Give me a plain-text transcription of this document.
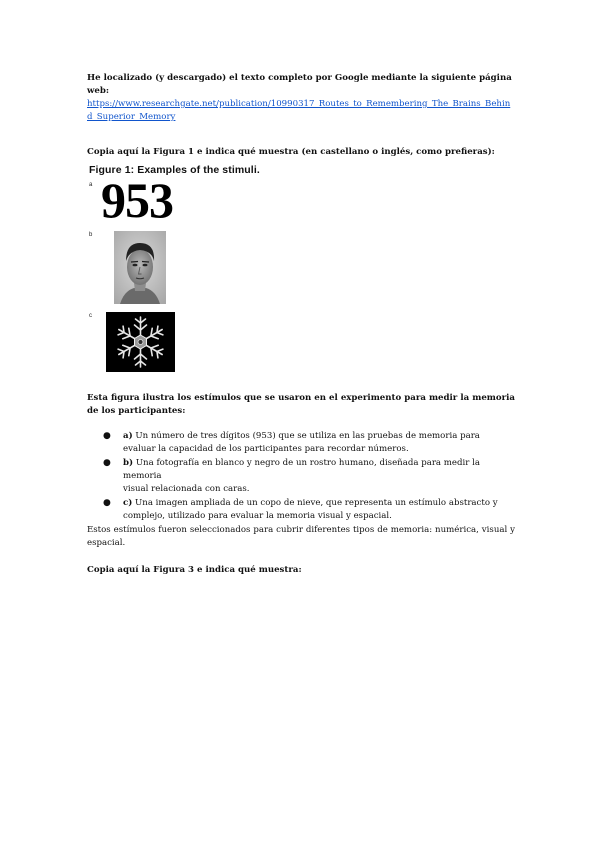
He localizado (y descargado) el texto completo por Google mediante la siguiente página web:
https://www.researchgate.net/publication/10990317_Routes_to_Remembering_The_Brains_Behin
d_Superior_Memory

Copia aquí la Figura 1 e indica qué muestra (en castellano o inglés, como prefieras):

Figure 1: Examples of the stimuli.

a 953
b
c

Esta figura ilustra los estímulos que se usaron en el experimento para medir la memoria de los participantes:

● a) Un número de tres dígitos (953) que se utiliza en las pruebas de memoria para
evaluar la capacidad de los participantes para recordar números.
● b) Una fotografía en blanco y negro de un rostro humano, diseñada para medir la memoria
visual relacionada con caras.
● c) Una imagen ampliada de un copo de nieve, que representa un estímulo abstracto y
complejo, utilizado para evaluar la memoria visual y espacial.

Estos estímulos fueron seleccionados para cubrir diferentes tipos de memoria: numérica, visual y espacial.

Copia aquí la Figura 3 e indica qué muestra:
